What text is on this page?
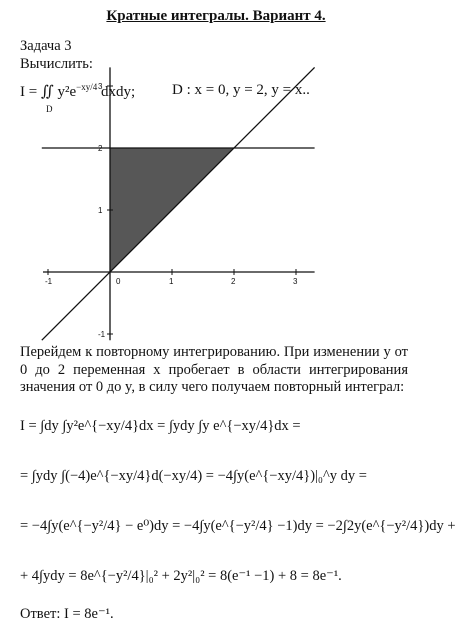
Кратные интегралы. Вариант 4.
Задача 3
Вычислить:
I = ∬ $y^2e^{-xy/4}$ dxdy;
D
D : x = 0, y = 2, y = x..
-1	0	1	2	3
3
2
1
-1
Перейдем к повторному интегрированию. При изменении y от 0 до 2 переменная x пробегает в области интегрирования значения от 0 до y, в силу чего получаем повторный интеграл:
I = ∫dy ∫y²e^{−xy/4}dx = ∫ydy ∫y e^{−xy/4}dx =
= ∫ydy ∫(−4)e^{−xy/4}d(−xy/4) = −4∫y(e^{−xy/4})|₀^y dy =
= −4∫y(e^{−y²/4} − e⁰)dy = −4∫y(e^{−y²/4} −1)dy = −2∫2y(e^{−y²/4})dy +
+ 4∫ydy = 8e^{−y²/4}|₀² + 2y²|₀² = 8(e⁻¹ −1) + 8 = 8e⁻¹.
Ответ: I = 8e⁻¹.
